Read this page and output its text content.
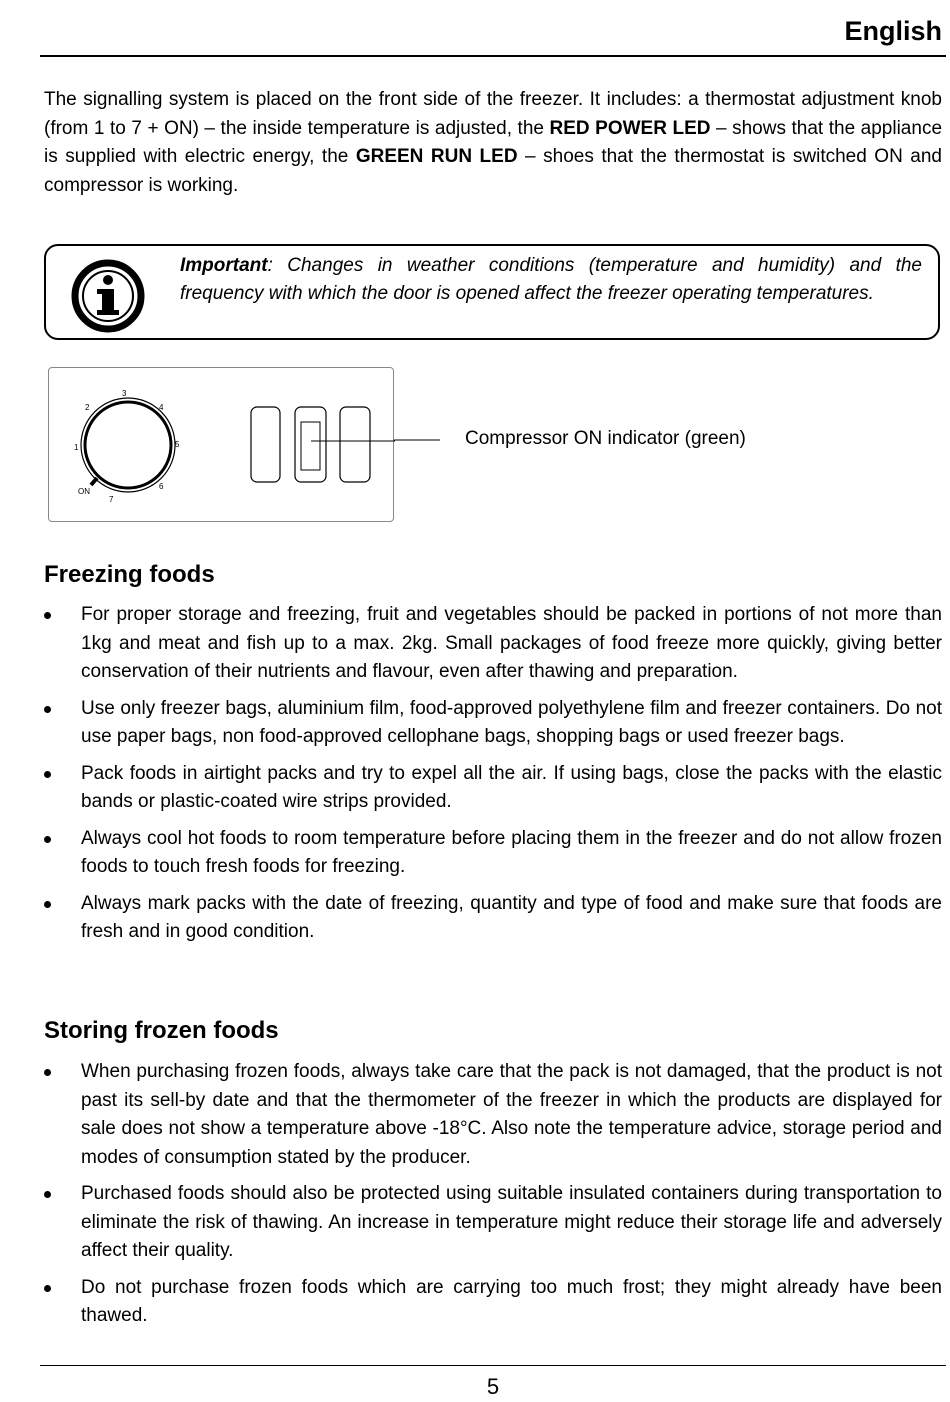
English

The signalling system is placed on the front side of the freezer. It includes: a thermostat adjustment knob (from 1 to 7 + ON) – the inside temperature is adjusted, the RED POWER LED – shows that the appliance is supplied with electric energy, the GREEN RUN LED – shoes that the thermostat is switched ON and compressor is working.

Important: Changes in weather conditions (temperature and humidity) and the frequency with which the door is opened affect the freezer operating temperatures.

1
2
3
4
5
6
7
ON
Compressor ON indicator (green)
Freezing foods
For proper storage and freezing, fruit and vegetables should be packed in portions of not more than 1kg and meat and fish up to a max. 2kg. Small packages of food freeze more quickly, giving better conservation of their nutrients and flavour, even after thawing and preparation.
Use only freezer bags, aluminium film, food-approved polyethylene film and freezer containers. Do not use paper bags, non food-approved cellophane bags, shopping bags or used freezer bags.
Pack foods in airtight packs and try to expel all the air. If using bags, close the packs with the elastic bands or plastic-coated wire strips provided.
Always cool hot foods to room temperature before placing them in the freezer and do not allow frozen foods to touch fresh foods for freezing.
Always mark packs with the date of freezing, quantity and type of food and make sure that foods are fresh and in good condition.
Storing frozen foods
When purchasing frozen foods, always take care that the pack is not damaged, that the product is not past its sell-by date and that the thermometer of the freezer in which the products are displayed for sale does not show a temperature above -18°C. Also note the temperature advice, storage period and modes of consumption stated by the producer.
Purchased foods should also be protected using suitable insulated containers during transportation to eliminate the risk of thawing. An increase in temperature might reduce their storage life and adversely affect their quality.
Do not purchase frozen foods which are carrying too much frost; they might already have been thawed.
5
